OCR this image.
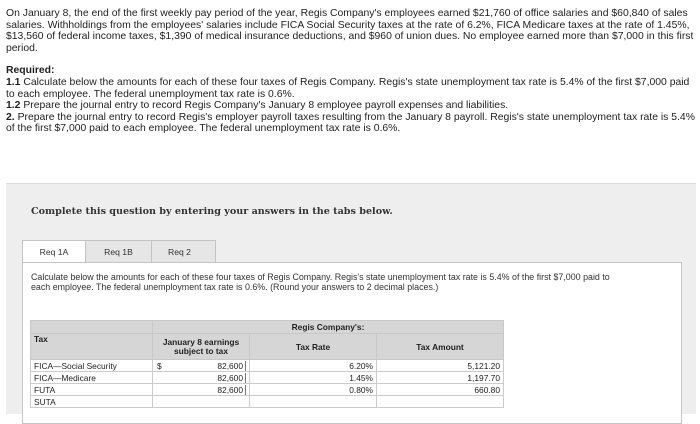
On January 8, the end of the first weekly pay period of the year, Regis Company's employees earned $21,760 of office salaries and $60,840 of sales salaries. Withholdings from the employees' salaries include FICA Social Security taxes at the rate of 6.2%, FICA Medicare taxes at the rate of 1.45%, $13,560 of federal income taxes, $1,390 of medical insurance deductions, and $960 of union dues. No employee earned more than $7,000 in this first period.

Required:

1.1 Calculate below the amounts for each of these four taxes of Regis Company. Regis's state unemployment tax rate is 5.4% of the first $7,000 paid to each employee. The federal unemployment tax rate is 0.6%.

1.2 Prepare the journal entry to record Regis Company's January 8 employee payroll expenses and liabilities.

2. Prepare the journal entry to record Regis's employer payroll taxes resulting from the January 8 payroll. Regis's state unemployment tax rate is 5.4% of the first $7,000 paid to each employee. The federal unemployment tax rate is 0.6%.

Complete this question by entering your answers in the tabs below.
Req 1A	Req 1B	Req 2
Calculate below the amounts for each of these four taxes of Regis Company. Regis's state unemployment tax rate is 5.4% of the first $7,000 paid to each employee. The federal unemployment tax rate is 0.6%. (Round your answers to 2 decimal places.)
	Regis Company's:		
Tax	January 8 earnings subject to tax	Tax Rate	Tax Amount
FICA—Social Security	$ 82,600	6.20%	5,121.20
FICA—Medicare	82,600	1.45%	1,197.70
FUTA	82,600	0.80%	660.80
SUTA			
